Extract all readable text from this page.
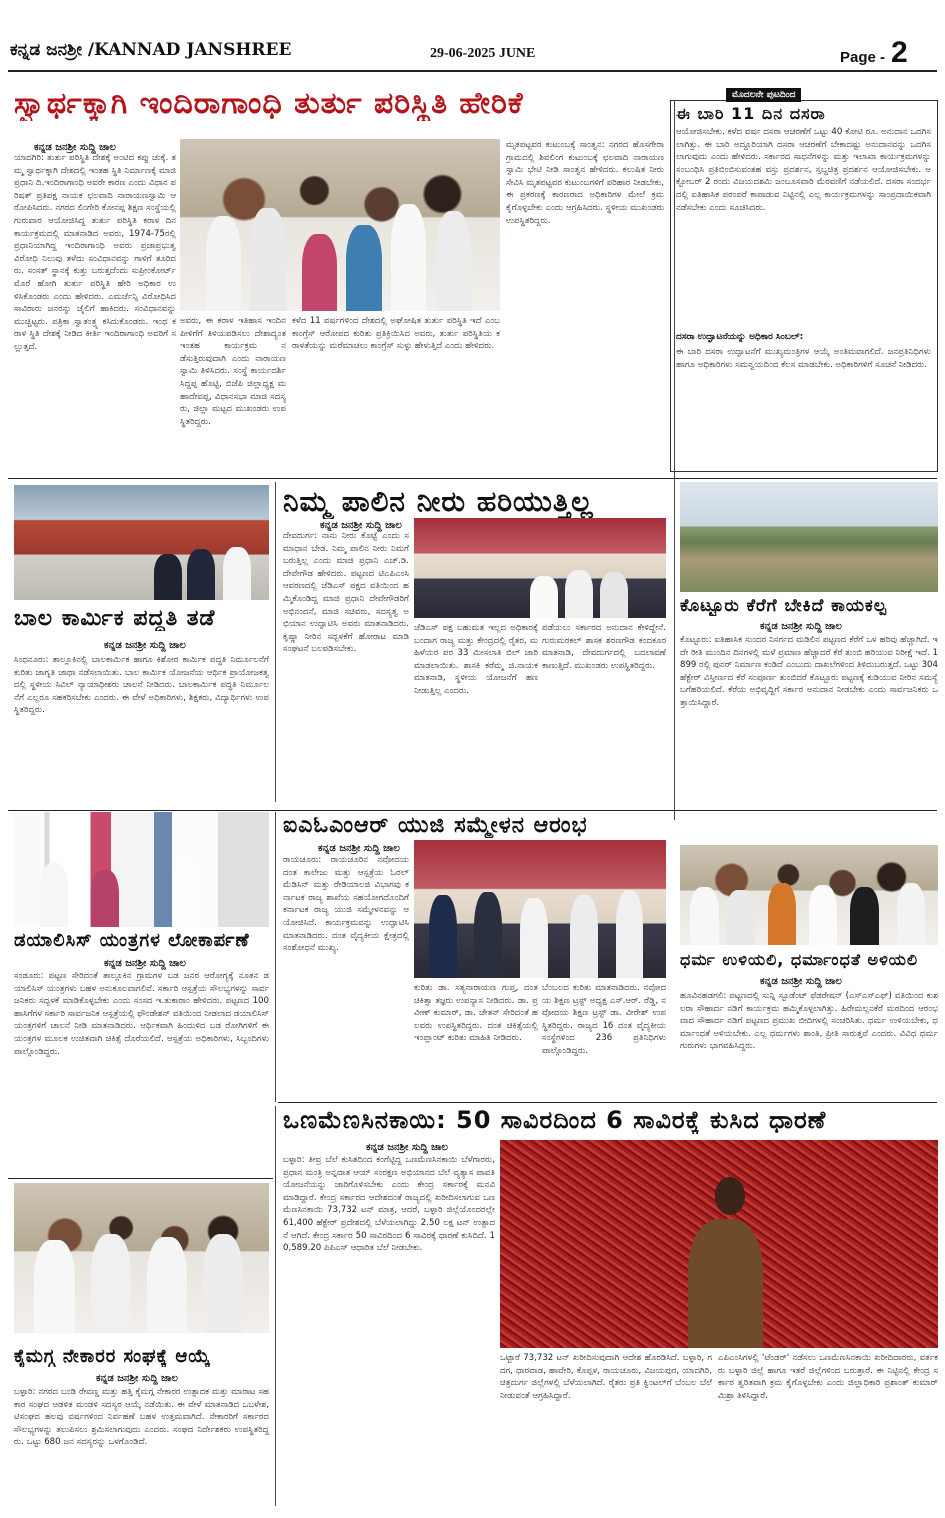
ಕನ್ನಡ ಜನಶ್ರೀ /KANNAD JANSHREE	29-06-2025 JUNE	Page - 2
ಸ್ವಾರ್ಥಕ್ಕಾಗಿ ಇಂದಿರಾಗಾಂಧಿ ತುರ್ತು ಪರಿಸ್ಥಿತಿ ಹೇರಿಕೆ
ಕನ್ನಡ ಜನಶ್ರೀ ಸುದ್ದಿ ಜಾಲ
ಯಾದಗಿರಿ: ತುರ್ತು ಪರಿಸ್ಥಿತಿ ದೇಶಕ್ಕೆ ಅಂಟಿದ ಕಪ್ಪು ಚುಕ್ಕೆ. ತಮ್ಮ ಸ್ವಾರ್ಥಕ್ಕಾಗಿ ದೇಶದಲ್ಲಿ ಇಂತಹ ಸ್ಥಿತಿ ನಿರ್ಮಾಣಕ್ಕೆ ಮಾಜಿ ಪ್ರಧಾನಿ ದಿ.ಇಂದಿರಾಗಾಂಧಿ ಅವರೇ ಕಾರಣ ಎಂದು ವಿಧಾನ ಪರಿಷತ್ ಪ್ರತಿಪಕ್ಷ ನಾಯಕ ಛಲವಾದಿ ನಾರಾಯಣಸ್ವಾಮಿ ಆರೋಪಿಸಿದರು. ನಗರದ ಲಿಂಗೇರಿ ಕೋನಪ್ಪ ಶಿಕ್ಷಣ ಸಂಸ್ಥೆಯಲ್ಲಿ ಗುರುವಾರ ಆಯೋಜಿಸಿದ್ದ ತುರ್ತು ಪರಿಸ್ಥಿತಿ ಕರಾಳ ದಿನ ಕಾರ್ಯಕ್ರಮದಲ್ಲಿ ಮಾತನಾಡಿದ ಅವರು, 1974-75ರಲ್ಲಿ ಪ್ರಧಾನಿಯಾಗಿದ್ದ ಇಂದಿರಾಗಾಂಧಿ ಅವರು ಪ್ರಜಾಪ್ರಭುತ್ವ ವಿರೋಧಿ ನಿಲುವು ತಳೆದು ಸಂವಿಧಾನವನ್ನು ಗಾಳಿಗೆ ತೂರಿದರು. ಸಂಸತ್ ಸ್ಥಾನಕ್ಕೆ ಕುತ್ತು ಬರುತ್ತದೆಂದು ಸುಪ್ರೀಂಕೋರ್ಟ್ ಮೊರೆ ಹೋಗಿ ತುರ್ತು ಪರಿಸ್ಥಿತಿ ಹೇರಿ ಅಧಿಕಾರ ಉಳಿಸಿಕೊಂಡರು ಎಂದು ಹೇಳಿದರು. ಎಮರ್ಜೆನ್ಸಿ ವಿರೋಧಿಸಿದ ಸಾವಿರಾರು ಜನರನ್ನು ಜೈಲಿಗೆ ಹಾಕಿದರು. ಸಂವಿಧಾನವನ್ನು ಮುಚ್ಚಿಟ್ಟರು. ಪತ್ರಿಕಾ ಸ್ವಾತಂತ್ರ್ಯ ಕಸಿದುಕೊಂಡರು. ಇಂಥ ಕರಾಳ ಸ್ಥಿತಿ ದೇಶಕ್ಕೆ ನೀಡಿದ ಕೀರ್ತಿ ಇಂದಿರಾಗಾಂಧಿ ಅವರಿಗೆ ಸಲ್ಲುತ್ತದೆ.
ಅವರು, ಈ ಕರಾಳ ಇತಿಹಾಸ ಇಂದಿನ ಪೀಳಿಗೆಗೆ ತಿಳಿಯಪಡಿಸಲು ದೇಶಾದ್ಯಂತ ಇಂತಹ ಕಾರ್ಯಕ್ರಮ ನಡೆಸುತ್ತಿರುವುದಾಗಿ ಎಂದು ನಾರಾಯಣಸ್ವಾಮಿ ತಿಳಿಸಿದರು. ಸಂಸ್ಥೆ ಕಾರ್ಯದರ್ಶಿ ಸಿದ್ದಪ್ಪ ಹೊಟ್ಟಿ, ಬಿಜೆಪಿ ಜಿಲ್ಲಾಧ್ಯಕ್ಷ ಮಹಾದೇವಪ್ಪ, ವಿಧಾನಸಭಾ ಮಾಜಿ ಸದಸ್ಯರು, ಜಿಲ್ಲಾ ಮಟ್ಟದ ಮುಖಂಡರು ಉಪಸ್ಥಿತರಿದ್ದರು.
ಕಳೆದ 11 ವರ್ಷಗಳಿಂದ ದೇಶದಲ್ಲಿ ಅಘೋಷಿತ ತುರ್ತು ಪರಿಸ್ಥಿತಿ ಇದೆ ಎಂಬ ಕಾಂಗ್ರೆಸ್ ಆರೋಪದ ಕುರಿತು ಪ್ರತಿಕ್ರಿಯಿಸಿದ ಅವರು, ತುರ್ತು ಪರಿಸ್ಥಿತಿಯ ಕರಾಳತೆಯನ್ನು ಮರೆಮಾಚಲು ಕಾಂಗ್ರೆಸ್ ಸುಳ್ಳು ಹೇಳುತ್ತಿದೆ ಎಂದು ಹೇಳಿದರು.
ಮೃತಪಟ್ಟವರ ಕುಟುಂಬಕ್ಕೆ ಸಾಂತ್ವನ: ನಗರದ ಹೊಸಗೇರಾ ಗ್ರಾಮದಲ್ಲಿ ಶಿವಲಿಂಗ ಕುಟುಂಬಕ್ಕೆ ಛಲವಾದಿ ನಾರಾಯಣಸ್ವಾಮಿ ಭೇಟಿ ನೀಡಿ ಸಾಂತ್ವನ ಹೇಳಿದರು. ಕಲುಷಿತ ನೀರು ಸೇವಿಸಿ ಮೃತಪಟ್ಟವರ ಕುಟುಂಬಗಳಿಗೆ ಪರಿಹಾರ ನೀಡಬೇಕು, ಈ ಪ್ರಕರಣಕ್ಕೆ ಕಾರಣರಾದ ಅಧಿಕಾರಿಗಳ ಮೇಲೆ ಕ್ರಮ ಕೈಗೊಳ್ಳಬೇಕು ಎಂದು ಆಗ್ರಹಿಸಿದರು. ಸ್ಥಳೀಯ ಮುಖಂಡರು ಉಪಸ್ಥಿತರಿದ್ದರು.
ಮೊದಲನೇ ಪುಟದಿಂದ
ಈ ಬಾರಿ 11 ದಿನ ದಸರಾ
ಆಯೋಜಿಸಬೇಕು. ಕಳೆದ ವರ್ಷ ದಸರಾ ಆಚರಣೆಗೆ ಒಟ್ಟು 40 ಕೋಟಿ ರೂ. ಅನುದಾನ ಒದಗಿಸಲಾಗಿತ್ತು. ಈ ಬಾರಿ ಅದ್ದೂರಿಯಾಗಿ ದಸರಾ ಆಚರಣೆಗೆ ಬೇಕಾದಷ್ಟು ಅನುದಾನವನ್ನು ಒದಗಿಸಲಾಗುವುದು ಎಂದು ಹೇಳಿದರು. ಸರ್ಕಾರದ ಸಾಧನೆಗಳನ್ನು ಮತ್ತು ಇಲಾಖಾ ಕಾರ್ಯಕ್ರಮಗಳನ್ನು ಸಂಬಂಧಿಸಿ ಪ್ರತಿಬಿಂಬಿಸುವಂತಹ ವಸ್ತು ಪ್ರದರ್ಶನ, ಸ್ತಬ್ಧಚಿತ್ರ ಪ್ರದರ್ಶನ ಆಯೋಜಿಸಬೇಕು. ಅಕ್ಟೋಬರ್ 2 ರಂದು ವಿಜಯದಶಮಿ ಜಂಬೂಸವಾರಿ ಮೆರವಣಿಗೆ ನಡೆಯಲಿದೆ. ದಸರಾ ಸಂದರ್ಭದಲ್ಲಿ ಐತಿಹಾಸಿಕ ಪರಂಪರೆ ಕಾಪಾಡುವ ನಿಟ್ಟಿನಲ್ಲಿ ಎಲ್ಲ ಕಾರ್ಯಕ್ರಮಗಳನ್ನು ಸಾಂಪ್ರದಾಯಿಕವಾಗಿ ನಡೆಸಬೇಕು ಎಂದು ಸೂಚಿಸಿದರು.
ದಸರಾ ಉದ್ಘಾಟನೆಯನ್ನು ಅಧಿಕಾರ ಸಿಂಬಲ್:
ಈ ಬಾರಿ ದಸರಾ ಉದ್ಘಾಟನೆಗೆ ಮುಖ್ಯಮಂತ್ರಿಗಳ ಆಯ್ಕೆ ಅಂತಿಮವಾಗಲಿದೆ. ಜನಪ್ರತಿನಿಧಿಗಳು ಹಾಗೂ ಅಧಿಕಾರಿಗಳು ಸಮನ್ವಯದಿಂದ ಕೆಲಸ ಮಾಡಬೇಕು. ಅಧಿಕಾರಿಗಳಿಗೆ ಸೂಚನೆ ನೀಡಿದರು.
ಬಾಲ ಕಾರ್ಮಿಕ ಪದ್ಧತಿ ತಡೆ
ಕನ್ನಡ ಜನಶ್ರೀ ಸುದ್ದಿ ಜಾಲ
ಸಿಂಧನೂರು: ತಾಲ್ಲೂಕಿನಲ್ಲಿ ಬಾಲಕಾರ್ಮಿಕ ಹಾಗೂ ಕಿಶೋರ ಕಾರ್ಮಿಕ ಪದ್ಧತಿ ನಿರ್ಮೂಲನೆಗೆ ಕುರಿತು ಜಾಗೃತಿ ಜಾಥಾ ನಡೆಸಲಾಯಿತು. ಬಾಲ ಕಾರ್ಮಿಕ ಯೋಜನೆಯ ಆರ್ಥಿಕ ಪ್ರಾಯೋಜಕತ್ವದಲ್ಲಿ ಸ್ಥಳೀಯ ಸಿವಿಲ್ ನ್ಯಾಯಾಧೀಶರು ಚಾಲನೆ ನೀಡಿದರು. ಬಾಲಕಾರ್ಮಿಕ ಪದ್ಧತಿ ನಿರ್ಮೂಲನೆಗೆ ಎಲ್ಲರೂ ಸಹಕರಿಸಬೇಕು ಎಂದರು. ಈ ವೇಳೆ ಅಧಿಕಾರಿಗಳು, ಶಿಕ್ಷಕರು, ವಿದ್ಯಾರ್ಥಿಗಳು ಉಪಸ್ಥಿತರಿದ್ದರು.
ನಿಮ್ಮ ಪಾಲಿನ ನೀರು ಹರಿಯುತ್ತಿಲ್ಲ
ಕನ್ನಡ ಜನಶ್ರೀ ಸುದ್ದಿ ಜಾಲ
ದೇವದುರ್ಗ: ನಾನು ನೀರು ಕೊಟ್ಟೆ ಎಂದು ಸಮಾಧಾನ ಬೇಡ. ನಿಮ್ಮ ಪಾಲಿನ ನೀರು ನಿಮಗೆ ಬರುತ್ತಿಲ್ಲ ಎಂದು ಮಾಜಿ ಪ್ರಧಾನಿ ಎಚ್.ಡಿ. ದೇವೇಗೌಡ ಹೇಳಿದರು. ಪಟ್ಟಣದ ಟಿಎಪಿಎಂಸಿ ಆವರಣದಲ್ಲಿ ಜೆಡಿಎಸ್ ಪಕ್ಷದ ವತಿಯಿಂದ ಹಮ್ಮಿಕೊಂಡಿದ್ದ ಮಾಜಿ ಪ್ರಧಾನಿ ದೇವೇಗೌಡರಿಗೆ ಅಭಿನಂದನೆ, ಮಾಜಿ ಸಚಿವರು, ಸದಸ್ಯತ್ವ ಅಭಿಯಾನ ಉದ್ಘಾಟಿಸಿ ಅವರು ಮಾತನಾಡಿದರು. ಕೃಷ್ಣಾ ನೀರಿನ ಸದ್ಬಳಕೆಗೆ ಹೋರಾಟ ಮಾಡಿ ಸಂಘಟನೆ ಬಲಪಡಿಸಬೇಕು.
ಜೆಡಿಎಸ್ ಪಕ್ಷ ಬಹುಮತ ಇಲ್ಲದ ಅಧಿಕಾರಕ್ಕೆ ಬಂದಾಗ ರಾಜ್ಯ ಮತ್ತು ಕೇಂದ್ರದಲ್ಲಿ ರೈತರ, ಮಹಿಳೆಯರ ಪರ 33 ಮೀಸಲಾತಿ ಬಿಲ್ ಜಾರಿ ಮಾಡಲಾಯಿತು. ಶಾಸಕಿ ಕರೆಮ್ಮ ಜಿ.ನಾಯಕ ಮಾತನಾಡಿ, ಸ್ಥಳೀಯ ಯೋಜನೆಗೆ ಹಣ ನೀಡುತ್ತಿಲ್ಲ ಎಂದರು.
ಪಡೆಯಲು ಸರ್ಕಾರದ ಅನುದಾನ ಕೇಳಿದ್ದೇನೆ. ಗುರುಮಠಕಲ್ ಶಾಸಕ ಶರಣಗೌಡ ಕಂದಕೂರ ಮಾತನಾಡಿ, ದೇವದುರ್ಗದಲ್ಲಿ ಬದಲಾವಣೆ ಕಾಣುತ್ತಿದೆ. ಮುಖಂಡರು ಉಪಸ್ಥಿತರಿದ್ದರು.
ಕೊಟ್ಟೂರು ಕೆರೆಗೆ ಬೇಕಿದೆ ಕಾಯಕಲ್ಪ
ಕನ್ನಡ ಜನಶ್ರೀ ಸುದ್ದಿ ಜಾಲ
ಕೊಟ್ಟೂರು: ಐತಿಹಾಸಿಕ ಸುಂದರ ನಿಸರ್ಗದ ಮಡಿಲಿನ ಪಟ್ಟಣದ ಕೆರೆಗೆ ಒಳ ಹರಿವು ಹೆಚ್ಚಾಗಿದೆ. ಇದೇ ರೀತಿ ಮುಂದಿನ ದಿನಗಳಲ್ಲಿ ಮಳೆ ಪ್ರಮಾಣ ಹೆಚ್ಚಾದರೆ ಕೆರೆ ತುಂಬಿ ಹರಿಯುವ ನಿರೀಕ್ಷೆ ಇದೆ. 1899 ರಲ್ಲಿ ಪುನರ್ ನಿರ್ಮಾಣ ಕಂಡಿದೆ ಎಂಬುದು ದಾಖಲೆಗಳಿಂದ ತಿಳಿದುಬರುತ್ತದೆ. ಒಟ್ಟು 304 ಹೆಕ್ಟೇರ್ ವಿಸ್ತೀರ್ಣದ ಕೆರೆ ಸಂಪೂರ್ಣ ತುಂಬಿದರೆ ಕೊಟ್ಟೂರು ಪಟ್ಟಣಕ್ಕೆ ಕುಡಿಯುವ ನೀರಿನ ಸಮಸ್ಯೆ ಬಗೆಹರಿಯಲಿದೆ. ಕೆರೆಯ ಅಭಿವೃದ್ಧಿಗೆ ಸರ್ಕಾರ ಅನುದಾನ ನೀಡಬೇಕು ಎಂದು ಸಾರ್ವಜನಿಕರು ಒತ್ತಾಯಿಸಿದ್ದಾರೆ.
ಡಯಾಲಿಸಿಸ್ ಯಂತ್ರಗಳ ಲೋಕಾರ್ಪಣೆ
ಕನ್ನಡ ಜನಶ್ರೀ ಸುದ್ದಿ ಜಾಲ
ಸಂಡೂರು: ಪಟ್ಟಣ ಸೇರಿದಂತೆ ತಾಲ್ಲೂಕಿನ ಗ್ರಾಮಗಳ ಬಡ ಜನರ ಆರೋಗ್ಯಕ್ಕೆ ನೂತನ ಡಯಾಲಿಸಿಸ್ ಯಂತ್ರಗಳು ಬಹಳ ಅನುಕೂಲವಾಗಲಿವೆ. ಸರ್ಕಾರಿ ಆಸ್ಪತ್ರೆಯ ಸೌಲಭ್ಯಗಳನ್ನು ಸಾರ್ವಜನಿಕರು ಸದ್ಬಳಕೆ ಮಾಡಿಕೊಳ್ಳಬೇಕು ಎಂದು ಸಂಸದ ಇ.ತುಕಾರಾಂ ಹೇಳಿದರು. ಪಟ್ಟಣದ 100 ಹಾಸಿಗೆಗಳ ಸರ್ಕಾರಿ ಸಾರ್ವಜನಿಕ ಆಸ್ಪತ್ರೆಯಲ್ಲಿ ಫೌಂಡೇಶನ್ ವತಿಯಿಂದ ನೀಡಲಾದ ಡಯಾಲಿಸಿಸ್ ಯಂತ್ರಗಳಿಗೆ ಚಾಲನೆ ನೀಡಿ ಮಾತನಾಡಿದರು. ಆರ್ಥಿಕವಾಗಿ ಹಿಂದುಳಿದ ಬಡ ರೋಗಿಗಳಿಗೆ ಈ ಯಂತ್ರಗಳ ಮೂಲಕ ಉಚಿತವಾಗಿ ಚಿಕಿತ್ಸೆ ದೊರೆಯಲಿದೆ. ಆಸ್ಪತ್ರೆಯ ಅಧಿಕಾರಿಗಳು, ಸಿಬ್ಬಂದಿಗಳು ಪಾಲ್ಗೊಂಡಿದ್ದರು.
ಐಎಓಎಂಆರ್ ಯುಜಿ ಸಮ್ಮೇಳನ ಆರಂಭ
ಕನ್ನಡ ಜನಶ್ರೀ ಸುದ್ದಿ ಜಾಲ
ರಾಯಚೂರು: ರಾಯಚೂರಿನ ನವೋದಯ ದಂತ ಕಾಲೇಜು ಮತ್ತು ಆಸ್ಪತ್ರೆಯ ಓರಲ್ ಮೆಡಿಸಿನ್ ಮತ್ತು ರೇಡಿಯಾಲಜಿ ವಿಭಾಗವು ಕರ್ನಾಟಕ ರಾಜ್ಯ ಶಾಖೆಯ ಸಹಯೋಗದೊಂದಿಗೆ ಕರ್ನಾಟಕ ರಾಜ್ಯ ಯುಜಿ ಸಮ್ಮೇಳನವನ್ನು ಆಯೋಜಿಸಿದೆ. ಕಾರ್ಯಕ್ರಮವನ್ನು ಉದ್ಘಾಟಿಸಿ ಮಾತನಾಡಿದರು. ದಂತ ವೈದ್ಯಕೀಯ ಕ್ಷೇತ್ರದಲ್ಲಿ ಸಂಶೋಧನೆ ಮುಖ್ಯ.
ಕುರಿತು ಡಾ. ಸತ್ಯನಾರಾಯಣ ಗುಪ್ತ, ದಂತ ಚಿಕಿತ್ಸಾ ತಜ್ಞರು ಉಪನ್ಯಾಸ ನೀಡಿದರು. ಡಾ. ಪ್ರವೀಣ್ ಕುಮಾರ್, ಡಾ. ಚೇತನ್ ಸೇರಿದಂತೆ ಹಲವರು ಉಪಸ್ಥಿತರಿದ್ದರು. ದಂತ ಚಿಕಿತ್ಸೆಯಲ್ಲಿ ಇಂಪ್ಲಾಂಟ್ ಕುರಿತು ಮಾಹಿತಿ ನೀಡಿದರು.
ಬೆಂಬಲದ ಕುರಿತು ಮಾತನಾಡಿದರು. ನವೋದಯ ಶಿಕ್ಷಣ ಟ್ರಸ್ಟ್ ಅಧ್ಯಕ್ಷ ಎಸ್.ಆರ್. ರೆಡ್ಡಿ, ನವೋದಯ ಶಿಕ್ಷಣ ಟ್ರಸ್ಟ್ ಡಾ. ವೀರೇಶ್ ಉಪಸ್ಥಿತರಿದ್ದರು. ರಾಜ್ಯದ 16 ದಂತ ವೈದ್ಯಕೀಯ ಸಂಸ್ಥೆಗಳಿಂದ 236 ಪ್ರತಿನಿಧಿಗಳು ಪಾಲ್ಗೊಂಡಿದ್ದರು.
ಧರ್ಮ ಉಳಿಯಲಿ, ಧರ್ಮಾಂಧತೆ ಅಳಿಯಲಿ
ಕನ್ನಡ ಜನಶ್ರೀ ಸುದ್ದಿ ಜಾಲ
ಹೂವಿನಹಡಗಲಿ: ಪಟ್ಟಣದಲ್ಲಿ ಸುನ್ನಿ ಸ್ಟೂಡೆಂಟ್ ಫೆಡರೇಷನ್ (ಎಸ್‌ಎಸ್‌ಎಫ್) ವತಿಯಿಂದ ಕುಶಲರಾ ಸೌಹಾರ್ದ ನಡಿಗೆ ಕಾರ್ಯಕ್ರಮ ಹಮ್ಮಿಕೊಳ್ಳಲಾಗಿತ್ತು. ಹಿರೇಮಲ್ಲನಕೆರೆ ಮಠದಿಂದ ಆರಂಭವಾದ ಸೌಹಾರ್ದ ನಡಿಗೆ ಪಟ್ಟಣದ ಪ್ರಮುಖ ಬೀದಿಗಳಲ್ಲಿ ಸಂಚರಿಸಿತು. ಧರ್ಮ ಉಳಿಯಬೇಕು, ಧರ್ಮಾಂಧತೆ ಅಳಿಯಬೇಕು. ಎಲ್ಲ ಧರ್ಮಗಳು ಶಾಂತಿ, ಪ್ರೀತಿ ಸಾರುತ್ತವೆ ಎಂದರು. ವಿವಿಧ ಧರ್ಮಗುರುಗಳು ಭಾಗವಹಿಸಿದ್ದರು.
ಒಣಮೆಣಸಿನಕಾಯಿ: 50 ಸಾವಿರದಿಂದ 6 ಸಾವಿರಕ್ಕೆ ಕುಸಿದ ಧಾರಣೆ
ಕನ್ನಡ ಜನಶ್ರೀ ಸುದ್ದಿ ಜಾಲ
ಬಳ್ಳಾರಿ: ತೀವ್ರ ಬೆಲೆ ಕುಸಿತದಿಂದ ಕಂಗೆಟ್ಟಿದ್ದ ಒಣಮೆಣಸಿನಕಾಯಿ ಬೆಳೆಗಾರರು, ಪ್ರಧಾನ ಮಂತ್ರಿ ಅನ್ನದಾತ ಆಯ್ ಸಂರಕ್ಷಣ ಅಭಿಯಾನದ ಬೆಲೆ ವ್ಯತ್ಯಾಸ ಪಾವತಿ ಯೋಜನೆಯನ್ನು ಜಾರಿಗೊಳಿಸಬೇಕು ಎಂದು ಕೇಂದ್ರ ಸರ್ಕಾರಕ್ಕೆ ಮನವಿ ಮಾಡಿದ್ದಾರೆ. ಕೇಂದ್ರ ಸರ್ಕಾರದ ಆದೇಶದಂತೆ ರಾಜ್ಯದಲ್ಲಿ ಖರೀದಿಸಲಾಗುವ ಒಣಮೆಣಸಿನಕಾಯಿ 73,732 ಟನ್ ಮಾತ್ರ, ಆದರೆ, ಬಳ್ಳಾರಿ ಜಿಲ್ಲೆಯೊಂದರಲ್ಲೇ 61,400 ಹೆಕ್ಟೇರ್ ಪ್ರದೇಶದಲ್ಲಿ ಬೆಳೆಯಲಾಗಿದ್ದು 2.50 ಲಕ್ಷ ಟನ್ ಉತ್ಪಾದನೆ ಆಗಿದೆ. ಕೇಂದ್ರ ಸರ್ಕಾರ 50 ಸಾವಿರದಿಂದ 6 ಸಾವಿರಕ್ಕೆ ಧಾರಣೆ ಕುಸಿದಿದೆ. 10,589.20 ಪಿಪಿಎಸ್ ಆಧಾರಿತ ಬೆಲೆ ನೀಡಬೇಕು.
ಒಟ್ಟಾರೆ 73,732 ಟನ್ ಖರೀದಿಸುವುದಾಗಿ ಆದೇಶ ಹೊರಡಿಸಿದೆ. ಬಳ್ಳಾರಿ, ಗದಗ, ಧಾರವಾಡ, ಹಾವೇರಿ, ಕೊಪ್ಪಳ, ರಾಯಚೂರು, ವಿಜಯಪುರ, ಯಾದಗಿರಿ, ಚಿತ್ರದುರ್ಗ ಜಿಲ್ಲೆಗಳಲ್ಲಿ ಬೆಳೆಯಲಾಗಿದೆ. ರೈತರು ಪ್ರತಿ ಕ್ವಿಂಟಲ್‌ಗೆ ಬೆಂಬಲ ಬೆಲೆ ನೀಡುವಂತೆ ಆಗ್ರಹಿಸಿದ್ದಾರೆ.
ಎಪಿಎಂಸಿಗಳಲ್ಲಿ 'ಟೆಂಡರ್' ನಡೆಸಲು ಒಣಮೆಣಸಿನಕಾಯಿ ಖರೀದಿದಾರರು, ವರ್ತಕರು ಬಳ್ಳಾರಿ ಜಿಲ್ಲೆ ಹಾಗೂ ಇತರೆ ಜಿಲ್ಲೆಗಳಿಂದ ಬರುತ್ತಾರೆ. ಈ ನಿಟ್ಟಿನಲ್ಲಿ ಕೇಂದ್ರ ಸರ್ಕಾರ ತ್ವರಿತವಾಗಿ ಕ್ರಮ ಕೈಗೊಳ್ಳಬೇಕು ಎಂದು ಜಿಲ್ಲಾಧಿಕಾರಿ ಪ್ರಶಾಂತ್ ಕುಮಾರ್ ಮಿಶ್ರಾ ತಿಳಿಸಿದ್ದಾರೆ.
ಕೈಮಗ್ಗ ನೇಕಾರರ ಸಂಘಕ್ಕೆ ಆಯ್ಕೆ
ಕನ್ನಡ ಜನಶ್ರೀ ಸುದ್ದಿ ಜಾಲ
ಬಳ್ಳಾರಿ: ನಗರದ ಬಂಡಿ ರೇವಣ್ಣ ಮತ್ತು ಹತ್ತಿ ಕೈಮಗ್ಗ ನೇಕಾರರ ಉತ್ಪಾದಕ ಮತ್ತು ಮಾರಾಟ ಸಹಕಾರ ಸಂಘದ ಆಡಳಿತ ಮಂಡಳಿ ಸದಸ್ಯರ ಆಯ್ಕೆ ನಡೆಯಿತು. ಈ ವೇಳೆ ಮಾತನಾಡಿದ ಒಬಳೇಶ, ಟಿಸಂಘದ ಹಲವು ವರ್ಷಗಳಿಂದ ನಿರ್ವಹಣೆ ಬಹಳ ಉತ್ತಮವಾಗಿದೆ. ನೇಕಾರರಿಗೆ ಸರ್ಕಾರದ ಸೌಲಭ್ಯಗಳನ್ನು ತಲುಪಿಸಲು ಶ್ರಮಿಸಲಾಗುವುದು ಎಂದರು. ಸಂಘದ ನಿರ್ದೇಶಕರು ಉಪಸ್ಥಿತರಿದ್ದರು. ಒಟ್ಟು 680 ಜನ ಸದಸ್ಯರನ್ನು ಒಳಗೊಂಡಿದೆ.
